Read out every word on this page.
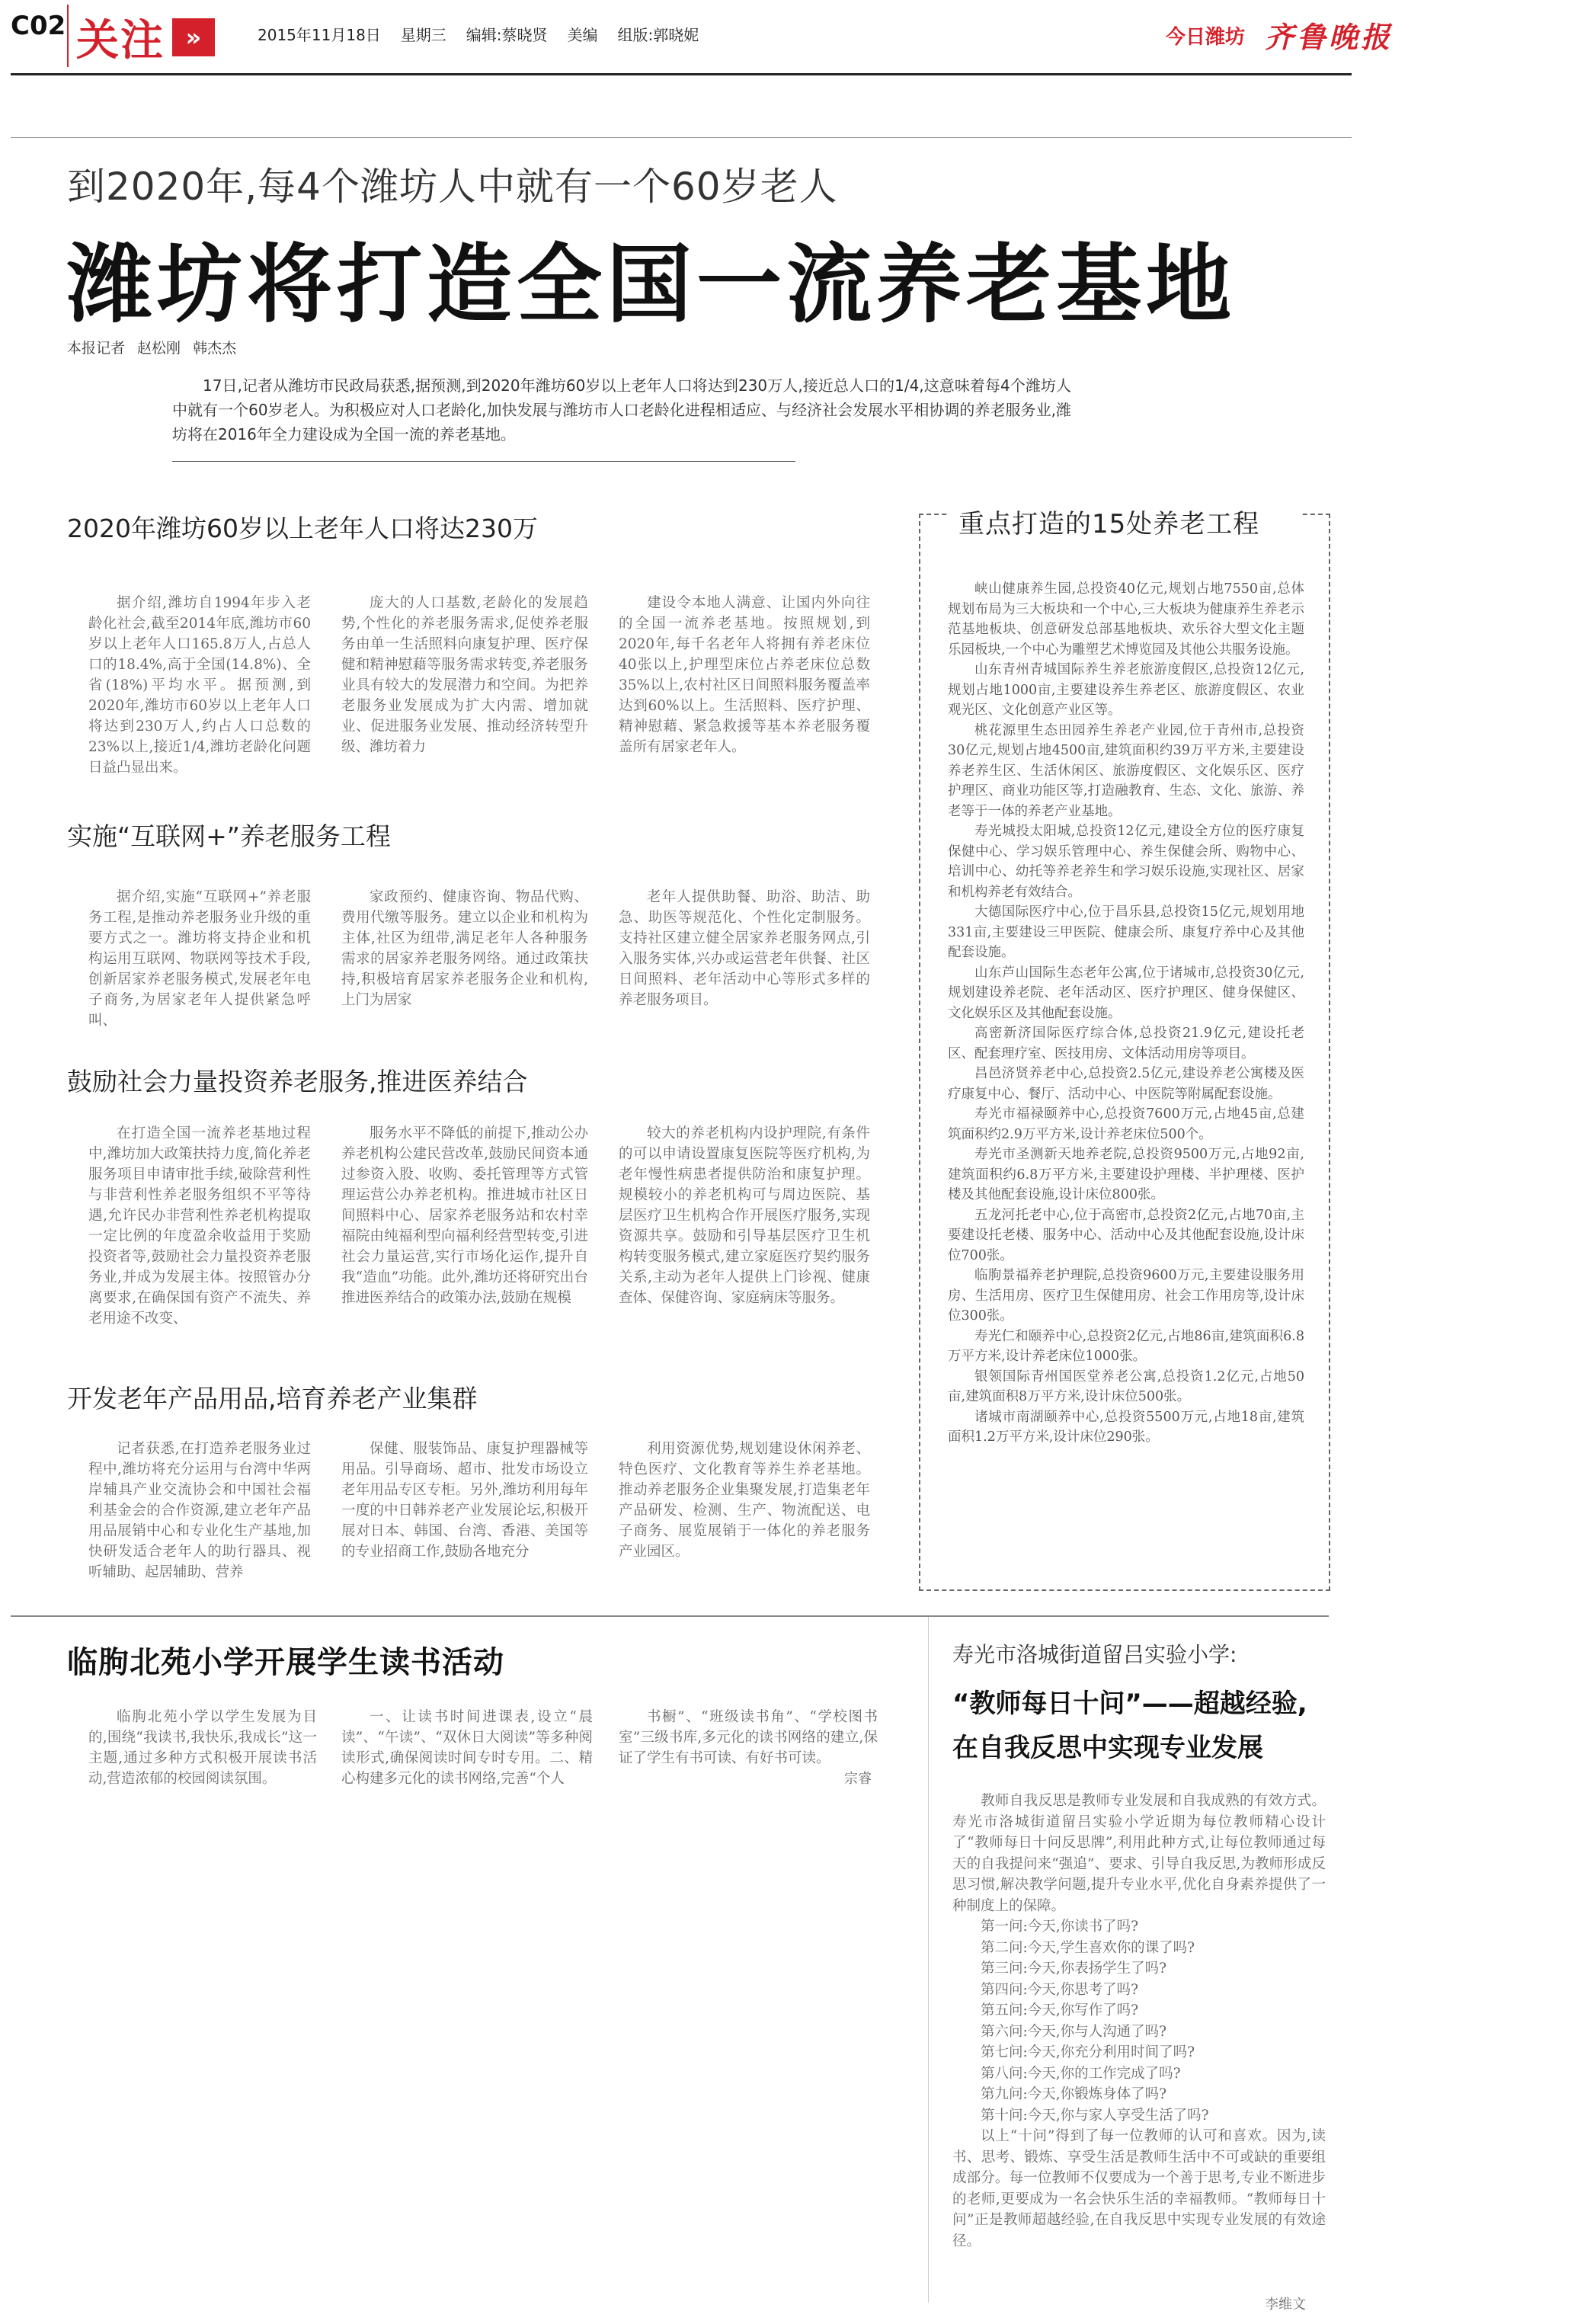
C02 关注 »	2015年11月18日 星期三 编辑:蔡晓贤 美编 组版:郭晓妮	今日潍坊 齐鲁晚报
到2020年,每4个潍坊人中就有一个60岁老人
潍坊将打造全国一流养老基地
本报记者 赵松刚 韩杰杰
17日,记者从潍坊市民政局获悉,据预测,到2020年潍坊60岁以上老年人口将达到230万人,接近总人口的1/4,这意味着每4个潍坊人中就有一个60岁老人。为积极应对人口老龄化,加快发展与潍坊市人口老龄化进程相适应、与经济社会发展水平相协调的养老服务业,潍坊将在2016年全力建设成为全国一流的养老基地。
2020年潍坊60岁以上老年人口将达230万

据介绍,潍坊自1994年步入老龄化社会,截至2014年底,潍坊市60岁以上老年人口165.8万人,占总人口的18.4%,高于全国(14.8%)、全省(18%)平均水平。据预测,到2020年,潍坊市60岁以上老年人口将达到230万人,约占人口总数的23%以上,接近1/4,潍坊老龄化问题日益凸显出来。

庞大的人口基数,老龄化的发展趋势,个性化的养老服务需求,促使养老服务由单一生活照料向康复护理、医疗保健和精神慰藉等服务需求转变,养老服务业具有较大的发展潜力和空间。为把养老服务业发展成为扩大内需、增加就业、促进服务业发展、推动经济转型升级、潍坊着力

建设令本地人满意、让国内外向往的全国一流养老基地。按照规划,到2020年,每千名老年人将拥有养老床位40张以上,护理型床位占养老床位总数35%以上,农村社区日间照料服务覆盖率达到60%以上。生活照料、医疗护理、精神慰藉、紧急救援等基本养老服务覆盖所有居家老年人。

实施“互联网+”养老服务工程

据介绍,实施“互联网+”养老服务工程,是推动养老服务业升级的重要方式之一。潍坊将支持企业和机构运用互联网、物联网等技术手段,创新居家养老服务模式,发展老年电子商务,为居家老年人提供紧急呼叫、

家政预约、健康咨询、物品代购、费用代缴等服务。建立以企业和机构为主体,社区为纽带,满足老年人各种服务需求的居家养老服务网络。通过政策扶持,积极培育居家养老服务企业和机构,上门为居家

老年人提供助餐、助浴、助洁、助急、助医等规范化、个性化定制服务。支持社区建立健全居家养老服务网点,引入服务实体,兴办或运营老年供餐、社区日间照料、老年活动中心等形式多样的养老服务项目。

鼓励社会力量投资养老服务,推进医养结合

在打造全国一流养老基地过程中,潍坊加大政策扶持力度,简化养老服务项目申请审批手续,破除营利性与非营利性养老服务组织不平等待遇,允许民办非营利性养老机构提取一定比例的年度盈余收益用于奖励投资者等,鼓励社会力量投资养老服务业,并成为发展主体。按照管办分离要求,在确保国有资产不流失、养老用途不改变、

服务水平不降低的前提下,推动公办养老机构公建民营改革,鼓励民间资本通过参资入股、收购、委托管理等方式管理运营公办养老机构。推进城市社区日间照料中心、居家养老服务站和农村幸福院由纯福利型向福利经营型转变,引进社会力量运营,实行市场化运作,提升自我“造血”功能。此外,潍坊还将研究出台推进医养结合的政策办法,鼓励在规模

较大的养老机构内设护理院,有条件的可以申请设置康复医院等医疗机构,为老年慢性病患者提供防治和康复护理。规模较小的养老机构可与周边医院、基层医疗卫生机构合作开展医疗服务,实现资源共享。鼓励和引导基层医疗卫生机构转变服务模式,建立家庭医疗契约服务关系,主动为老年人提供上门诊视、健康查体、保健咨询、家庭病床等服务。

开发老年产品用品,培育养老产业集群

记者获悉,在打造养老服务业过程中,潍坊将充分运用与台湾中华两岸辅具产业交流协会和中国社会福利基金会的合作资源,建立老年产品用品展销中心和专业化生产基地,加快研发适合老年人的助行器具、视听辅助、起居辅助、营养

保健、服装饰品、康复护理器械等用品。引导商场、超市、批发市场设立老年用品专区专柜。另外,潍坊利用每年一度的中日韩养老产业发展论坛,积极开展对日本、韩国、台湾、香港、美国等的专业招商工作,鼓励各地充分

利用资源优势,规划建设休闲养老、特色医疗、文化教育等养生养老基地。推动养老服务企业集聚发展,打造集老年产品研发、检测、生产、物流配送、电子商务、展览展销于一体化的养老服务产业园区。

重点打造的15处养老工程

峡山健康养生园,总投资40亿元,规划占地7550亩,总体规划布局为三大板块和一个中心,三大板块为健康养生养老示范基地板块、创意研发总部基地板块、欢乐谷大型文化主题乐园板块,一个中心为雕塑艺术博览园及其他公共服务设施。

山东青州青城国际养生养老旅游度假区,总投资12亿元,规划占地1000亩,主要建设养生养老区、旅游度假区、农业观光区、文化创意产业区等。

桃花源里生态田园养生养老产业园,位于青州市,总投资30亿元,规划占地4500亩,建筑面积约39万平方米,主要建设养老养生区、生活休闲区、旅游度假区、文化娱乐区、医疗护理区、商业功能区等,打造融教育、生态、文化、旅游、养老等于一体的养老产业基地。

寿光城投太阳城,总投资12亿元,建设全方位的医疗康复保健中心、学习娱乐管理中心、养生保健会所、购物中心、培训中心、幼托等养老养生和学习娱乐设施,实现社区、居家和机构养老有效结合。

大德国际医疗中心,位于昌乐县,总投资15亿元,规划用地331亩,主要建设三甲医院、健康会所、康复疗养中心及其他配套设施。

山东芦山国际生态老年公寓,位于诸城市,总投资30亿元,规划建设养老院、老年活动区、医疗护理区、健身保健区、文化娱乐区及其他配套设施。

高密新济国际医疗综合体,总投资21.9亿元,建设托老区、配套理疗室、医技用房、文体活动用房等项目。

昌邑济贤养老中心,总投资2.5亿元,建设养老公寓楼及医疗康复中心、餐厅、活动中心、中医院等附属配套设施。

寿光市福禄颐养中心,总投资7600万元,占地45亩,总建筑面积约2.9万平方米,设计养老床位500个。

寿光市圣测新天地养老院,总投资9500万元,占地92亩,建筑面积约6.8万平方米,主要建设护理楼、半护理楼、医护楼及其他配套设施,设计床位800张。

五龙河托老中心,位于高密市,总投资2亿元,占地70亩,主要建设托老楼、服务中心、活动中心及其他配套设施,设计床位700张。

临朐景福养老护理院,总投资9600万元,主要建设服务用房、生活用房、医疗卫生保健用房、社会工作用房等,设计床位300张。

寿光仁和颐养中心,总投资2亿元,占地86亩,建筑面积6.8万平方米,设计养老床位1000张。

银领国际青州国医堂养老公寓,总投资1.2亿元,占地50亩,建筑面积8万平方米,设计床位500张。

诸城市南湖颐养中心,总投资5500万元,占地18亩,建筑面积1.2万平方米,设计床位290张。

临朐北苑小学开展学生读书活动

临朐北苑小学以学生发展为目的,围绕“我读书,我快乐,我成长”这一主题,通过多种方式积极开展读书活动,营造浓郁的校园阅读氛围。

一、让读书时间进课表,设立“晨读”、“午读”、“双休日大阅读”等多种阅读形式,确保阅读时间专时专用。二、精心构建多元化的读书网络,完善“个人

书橱”、“班级读书角”、“学校图书室”三级书库,多元化的读书网络的建立,保证了学生有书可读、有好书可读。

宗睿
寿光市洛城街道留吕实验小学:
“教师每日十问”——超越经验,
在自我反思中实现专业发展

教师自我反思是教师专业发展和自我成熟的有效方式。寿光市洛城街道留吕实验小学近期为每位教师精心设计了“教师每日十问反思牌”,利用此种方式,让每位教师通过每天的自我提问来“强追”、要求、引导自我反思,为教师形成反思习惯,解决教学问题,提升专业水平,优化自身素养提供了一种制度上的保障。

第一问:今天,你读书了吗?

第二问:今天,学生喜欢你的课了吗?

第三问:今天,你表扬学生了吗?

第四问:今天,你思考了吗?

第五问:今天,你写作了吗?

第六问:今天,你与人沟通了吗?

第七问:今天,你充分利用时间了吗?

第八问:今天,你的工作完成了吗?

第九问:今天,你锻炼身体了吗?

第十问:今天,你与家人享受生活了吗?

以上“十问”得到了每一位教师的认可和喜欢。因为,读书、思考、锻炼、享受生活是教师生活中不可或缺的重要组成部分。每一位教师不仅要成为一个善于思考,专业不断进步的老师,更要成为一名会快乐生活的幸福教师。“教师每日十问”正是教师超越经验,在自我反思中实现专业发展的有效途径。

李维文
